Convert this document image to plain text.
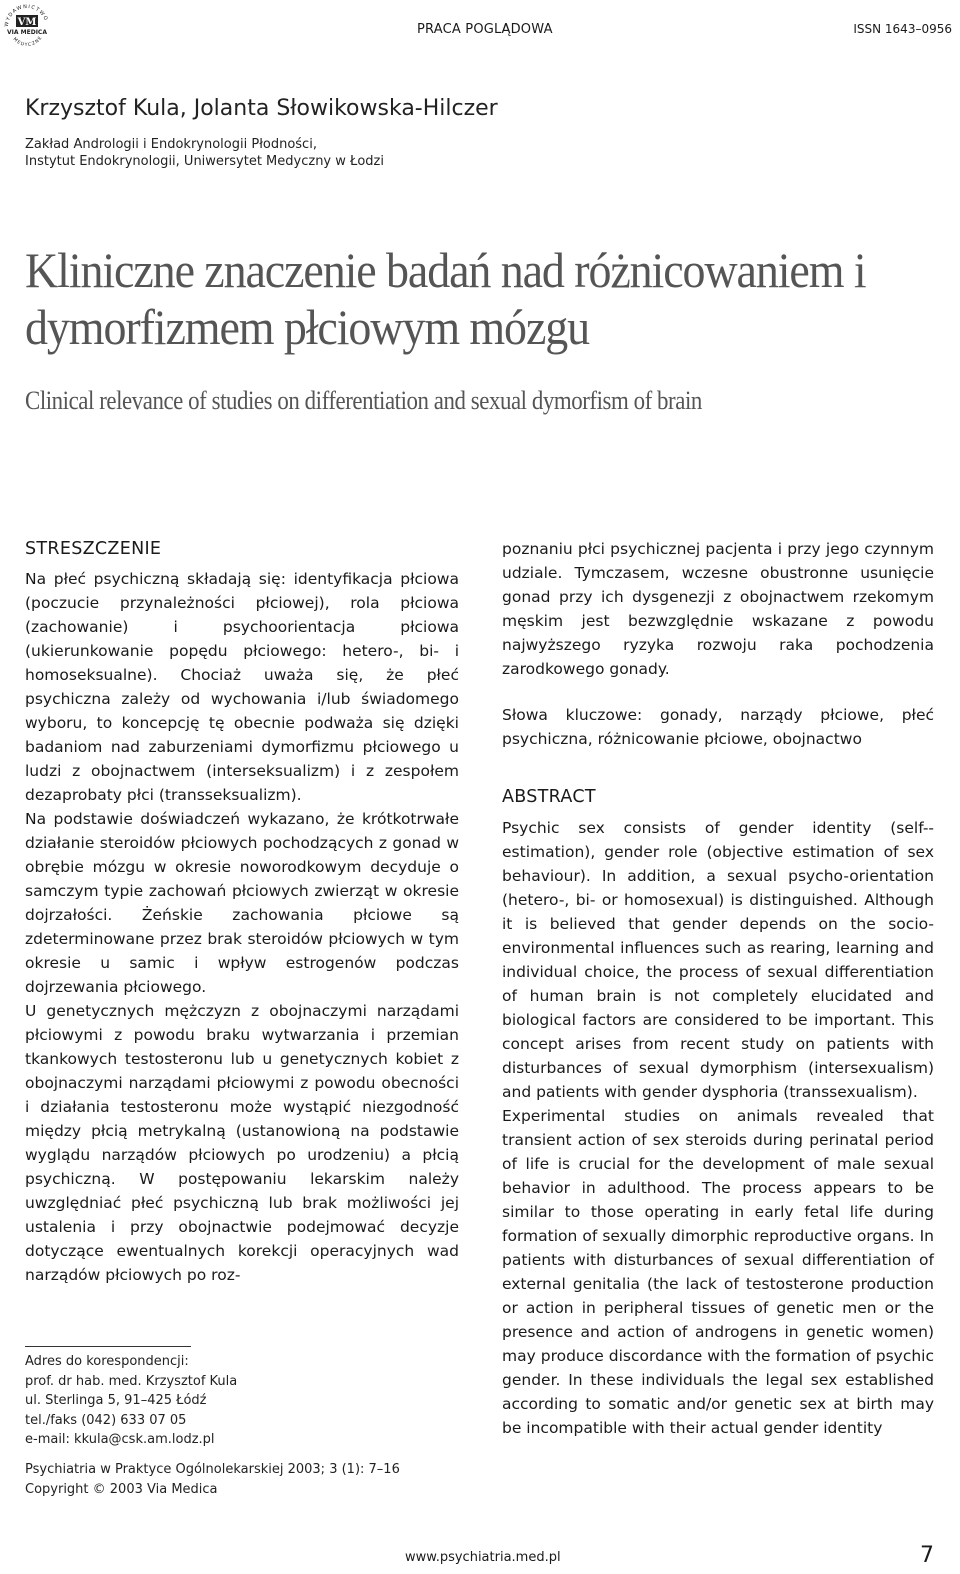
WYDAWNICTWO
VM
VIA MEDICA
MEDYCZNE
PRACA POGLĄDOWA	ISSN 1643–0956
Krzysztof Kula, Jolanta Słowikowska-Hilczer
Zakład Andrologii i Endokrynologii Płodności,
Instytut Endokrynologii, Uniwersytet Medyczny w Łodzi
Kliniczne znaczenie badań nad różnicowaniem i dymorfizmem płciowym mózgu
Clinical relevance of studies on differentiation and sexual dymorfism of brain
STRESZCZENIE

Na płeć psychiczną składają się: identyfikacja płciowa (poczucie przynależności płciowej), rola płciowa (zachowanie) i psychoorientacja płciowa (ukierunkowanie popędu płciowego: hetero-, bi- i homoseksualne). Chociaż uważa się, że płeć psychiczna zależy od wychowania i/lub świadomego wyboru, to koncepcję tę obecnie podważa się dzięki badaniom nad zaburzeniami dymorfizmu płciowego u ludzi z obojnactwem (interseksualizm) i z zespołem dezaprobaty płci (transseksualizm).

Na podstawie doświadczeń wykazano, że krótkotrwałe działanie steroidów płciowych pochodzących z gonad w obrębie mózgu w okresie noworodkowym decyduje o samczym typie zachowań płciowych zwierząt w okresie dojrzałości. Żeńskie zachowania płciowe są zdeterminowane przez brak steroidów płciowych w tym okresie u samic i wpływ estrogenów podczas dojrzewania płciowego.

U genetycznych mężczyzn z obojnaczymi narządami płciowymi z powodu braku wytwarzania i przemian tkankowych testosteronu lub u genetycznych kobiet z obojnaczymi narządami płciowymi z powodu obecności i działania testosteronu może wystąpić niezgodność między płcią metrykalną (ustanowioną na podstawie wyglądu narządów płciowych po urodzeniu) a płcią psychiczną. W postępowaniu lekarskim należy uwzględniać płeć psychiczną lub brak możliwości jej ustalenia i przy obojnactwie podejmować decyzje dotyczące ewentualnych korekcji operacyjnych wad narządów płciowych po roz-

Adres do korespondencji:
prof. dr hab. med. Krzysztof Kula
ul. Sterlinga 5, 91–425 Łódź
tel./faks (042) 633 07 05
e-mail: kkula@csk.am.lodz.pl
Psychiatria w Praktyce Ogólnolekarskiej 2003; 3 (1): 7–16
Copyright © 2003 Via Medica

poznaniu płci psychicznej pacjenta i przy jego czynnym udziale. Tymczasem, wczesne obustronne usunięcie gonad przy ich dysgenezji z obojnactwem rzekomym męskim jest bezwzględnie wskazane z powodu najwyższego ryzyka rozwoju raka pochodzenia zarodkowego gonady.

Słowa kluczowe: gonady, narządy płciowe, płeć psychiczna, różnicowanie płciowe, obojnactwo

ABSTRACT

Psychic sex consists of gender identity (self--estimation), gender role (objective estimation of sex behaviour). In addition, a sexual psycho-orientation (hetero-, bi- or homosexual) is distinguished. Although it is believed that gender depends on the socio-environmental influences such as rearing, learning and individual choice, the process of sexual differentiation of human brain is not completely elucidated and biological factors are considered to be important. This concept arises from recent study on patients with disturbances of sexual dymorphism (intersexualism) and patients with gender dysphoria (transsexualism).

Experimental studies on animals revealed that transient action of sex steroids during perinatal period of life is crucial for the development of male sexual behavior in adulthood. The process appears to be similar to those operating in early fetal life during formation of sexually dimorphic reproductive organs. In patients with disturbances of sexual differentiation of external genitalia (the lack of testosterone production or action in peripheral tissues of genetic men or the presence and action of androgens in genetic women) may produce discordance with the formation of psychic gender. In these individuals the legal sex established according to somatic and/or genetic sex at birth may be incompatible with their actual gender identity

www.psychiatria.med.pl	7
